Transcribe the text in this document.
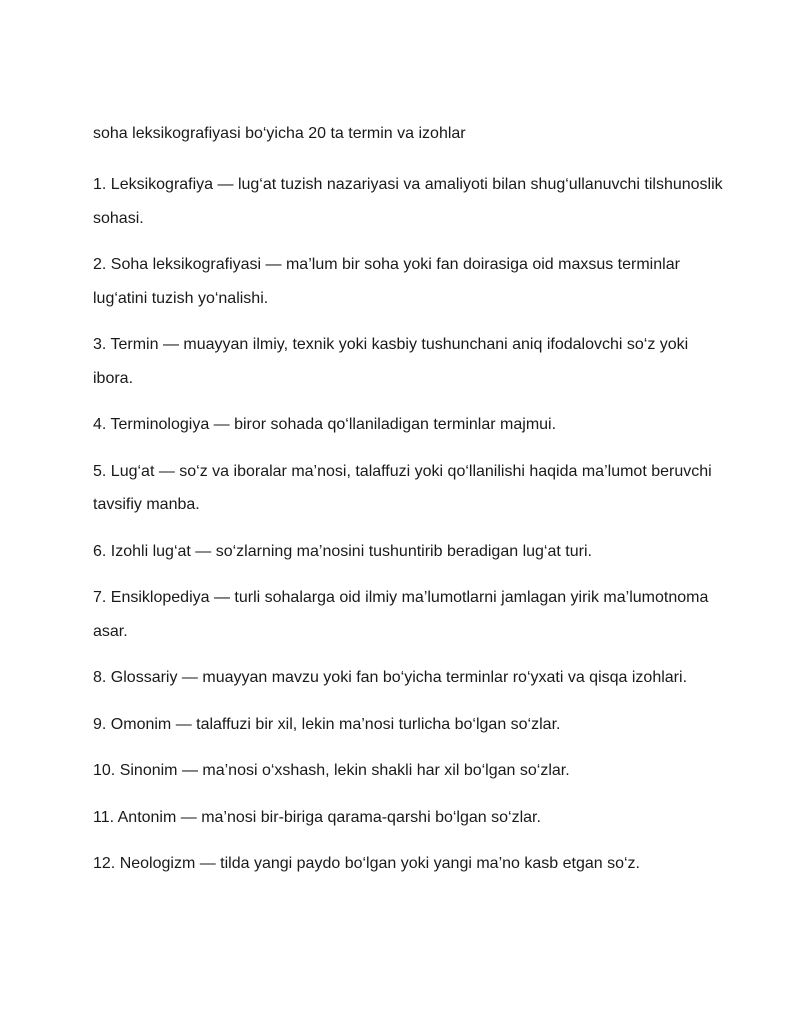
soha leksikografiyasi bo‘yicha 20 ta termin va izohlar

1. Leksikografiya — lug‘at tuzish nazariyasi va amaliyoti bilan shug‘ullanuvchi tilshunoslik sohasi.

2. Soha leksikografiyasi — ma’lum bir soha yoki fan doirasiga oid maxsus terminlar lug‘atini tuzish yo‘nalishi.

3. Termin — muayyan ilmiy, texnik yoki kasbiy tushunchani aniq ifodalovchi so‘z yoki ibora.

4. Terminologiya — biror sohada qo‘llaniladigan terminlar majmui.

5. Lug‘at — so‘z va iboralar ma’nosi, talaffuzi yoki qo‘llanilishi haqida ma’lumot beruvchi tavsifiy manba.

6. Izohli lug‘at — so‘zlarning ma’nosini tushuntirib beradigan lug‘at turi.

7. Ensiklopediya — turli sohalarga oid ilmiy ma’lumotlarni jamlagan yirik ma’lumotnoma asar.

8. Glossariy — muayyan mavzu yoki fan bo‘yicha terminlar ro‘yxati va qisqa izohlari.

9. Omonim — talaffuzi bir xil, lekin ma’nosi turlicha bo‘lgan so‘zlar.

10. Sinonim — ma’nosi o‘xshash, lekin shakli har xil bo‘lgan so‘zlar.

11. Antonim — ma’nosi bir-biriga qarama-qarshi bo‘lgan so‘zlar.

12. Neologizm — tilda yangi paydo bo‘lgan yoki yangi ma’no kasb etgan so‘z.
